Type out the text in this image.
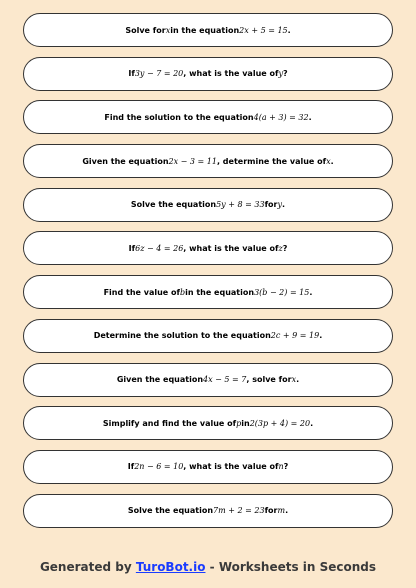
Solve for x in the equation 2x + 5 = 15 .
If 3y − 7 = 20 , what is the value of y ?
Find the solution to the equation 4(a + 3) = 32 .
Given the equation 2x − 3 = 11 , determine the value of x .
Solve the equation 5y + 8 = 33 for y .
If 6z − 4 = 26 , what is the value of z ?
Find the value of b in the equation 3(b − 2) = 15 .
Determine the solution to the equation 2c + 9 = 19 .
Given the equation 4x − 5 = 7 , solve for x .
Simplify and find the value of p in 2(3p + 4) = 20 .
If 2n − 6 = 10 , what is the value of n ?
Solve the equation 7m + 2 = 23 for m .
Generated by TuroBot.io - Worksheets in Seconds
